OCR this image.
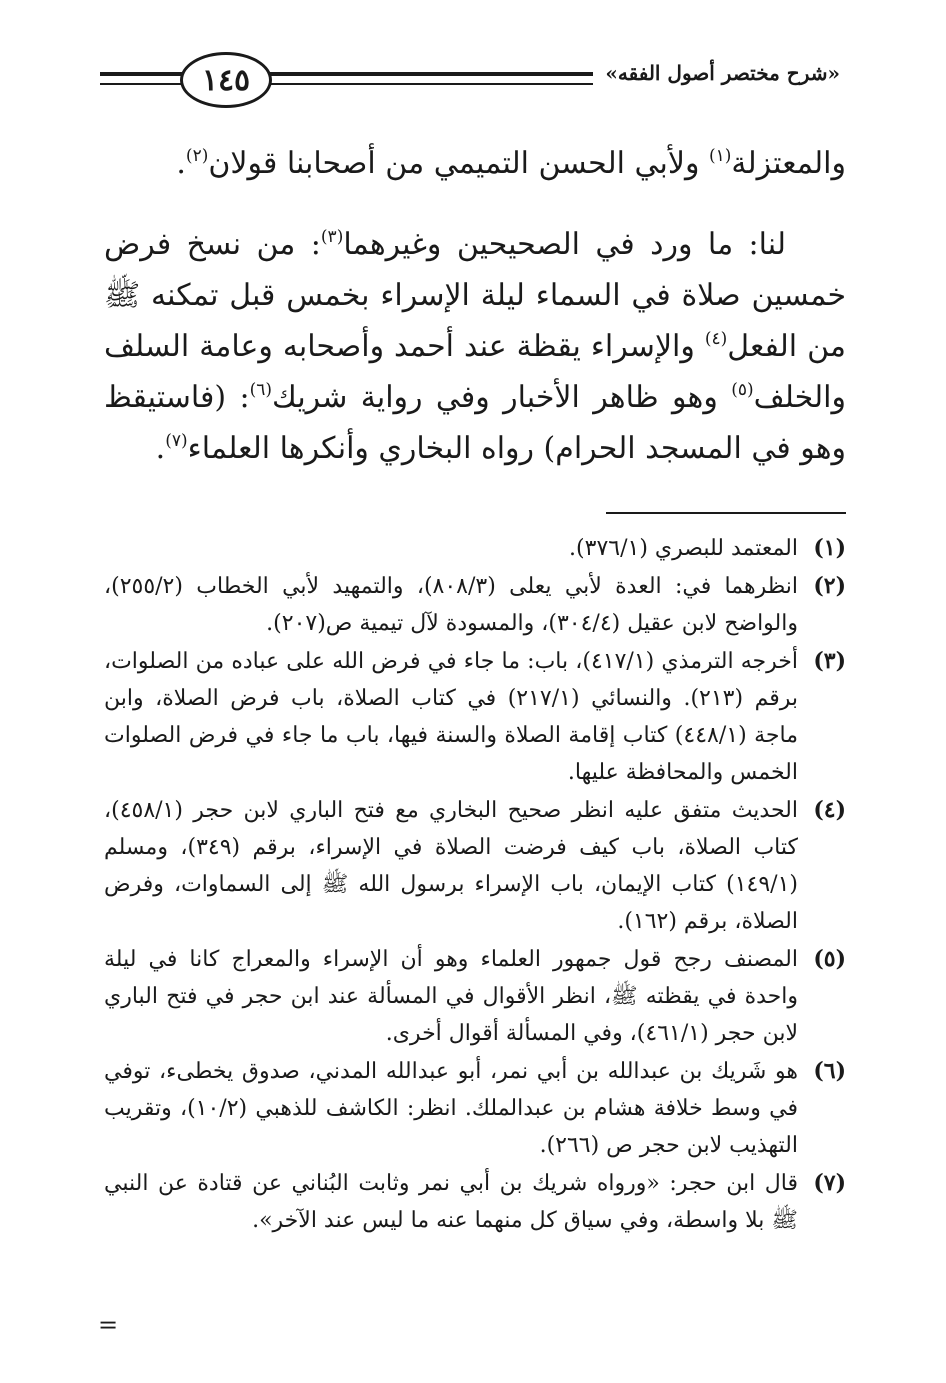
«شرح مختصر أصول الفقه»
١٤٥

والمعتزلة$^{(١)}$ ولأبي الحسن التميمي من أصحابنا قولان$^{(٢)}$.

لنا: ما ورد في الصحيحين وغيرهما$^{(٣)}$: من نسخ فرض خمسين صلاة في السماء ليلة الإسراء بخمس قبل تمكنه ﷺ من الفعل$^{(٤)}$ والإسراء يقظة عند أحمد وأصحابه وعامة السلف والخلف$^{(٥)}$ وهو ظاهر الأخبار وفي رواية شريك$^{(٦)}$: (فاستيقظ وهو في المسجد الحرام) رواه البخاري وأنكرها العلماء$^{(٧)}$.

(١)
المعتمد للبصري (٣٧٦/١).
(٢)
انظرهما في: العدة لأبي يعلى (٨٠٨/٣)، والتمهيد لأبي الخطاب (٢٥٥/٢)، والواضح لابن عقيل (٣٠٤/٤)، والمسودة لآل تيمية ص(٢٠٧).
(٣)
أخرجه الترمذي (٤١٧/١)، باب: ما جاء في فرض الله على عباده من الصلوات، برقم (٢١٣). والنسائي (٢١٧/١) في كتاب الصلاة، باب فرض الصلاة، وابن ماجة (٤٤٨/١) كتاب إقامة الصلاة والسنة فيها، باب ما جاء في فرض الصلوات الخمس والمحافظة عليها.
(٤)
الحديث متفق عليه انظر صحيح البخاري مع فتح الباري لابن حجر (٤٥٨/١)، كتاب الصلاة، باب كيف فرضت الصلاة في الإسراء، برقم (٣٤٩)، ومسلم (١٤٩/١) كتاب الإيمان، باب الإسراء برسول الله ﷺ إلى السماوات، وفرض الصلاة، برقم (١٦٢).
(٥)
المصنف رجح قول جمهور العلماء وهو أن الإسراء والمعراج كانا في ليلة واحدة في يقظته ﷺ، انظر الأقوال في المسألة عند ابن حجر في فتح الباري لابن حجر (٤٦١/١)، وفي المسألة أقوال أخرى.
(٦)
هو شَريك بن عبدالله بن أبي نمر، أبو عبدالله المدني، صدوق يخطىء، توفي في وسط خلافة هشام بن عبدالملك. انظر: الكاشف للذهبي (١٠/٢)، وتقريب التهذيب لابن حجر ص (٢٦٦).
(٧)
قال ابن حجر: «ورواه شريك بن أبي نمر وثابت البُناني عن قتادة عن النبي ﷺ بلا واسطة، وفي سياق كل منهما عنه ما ليس عند الآخر».
=
